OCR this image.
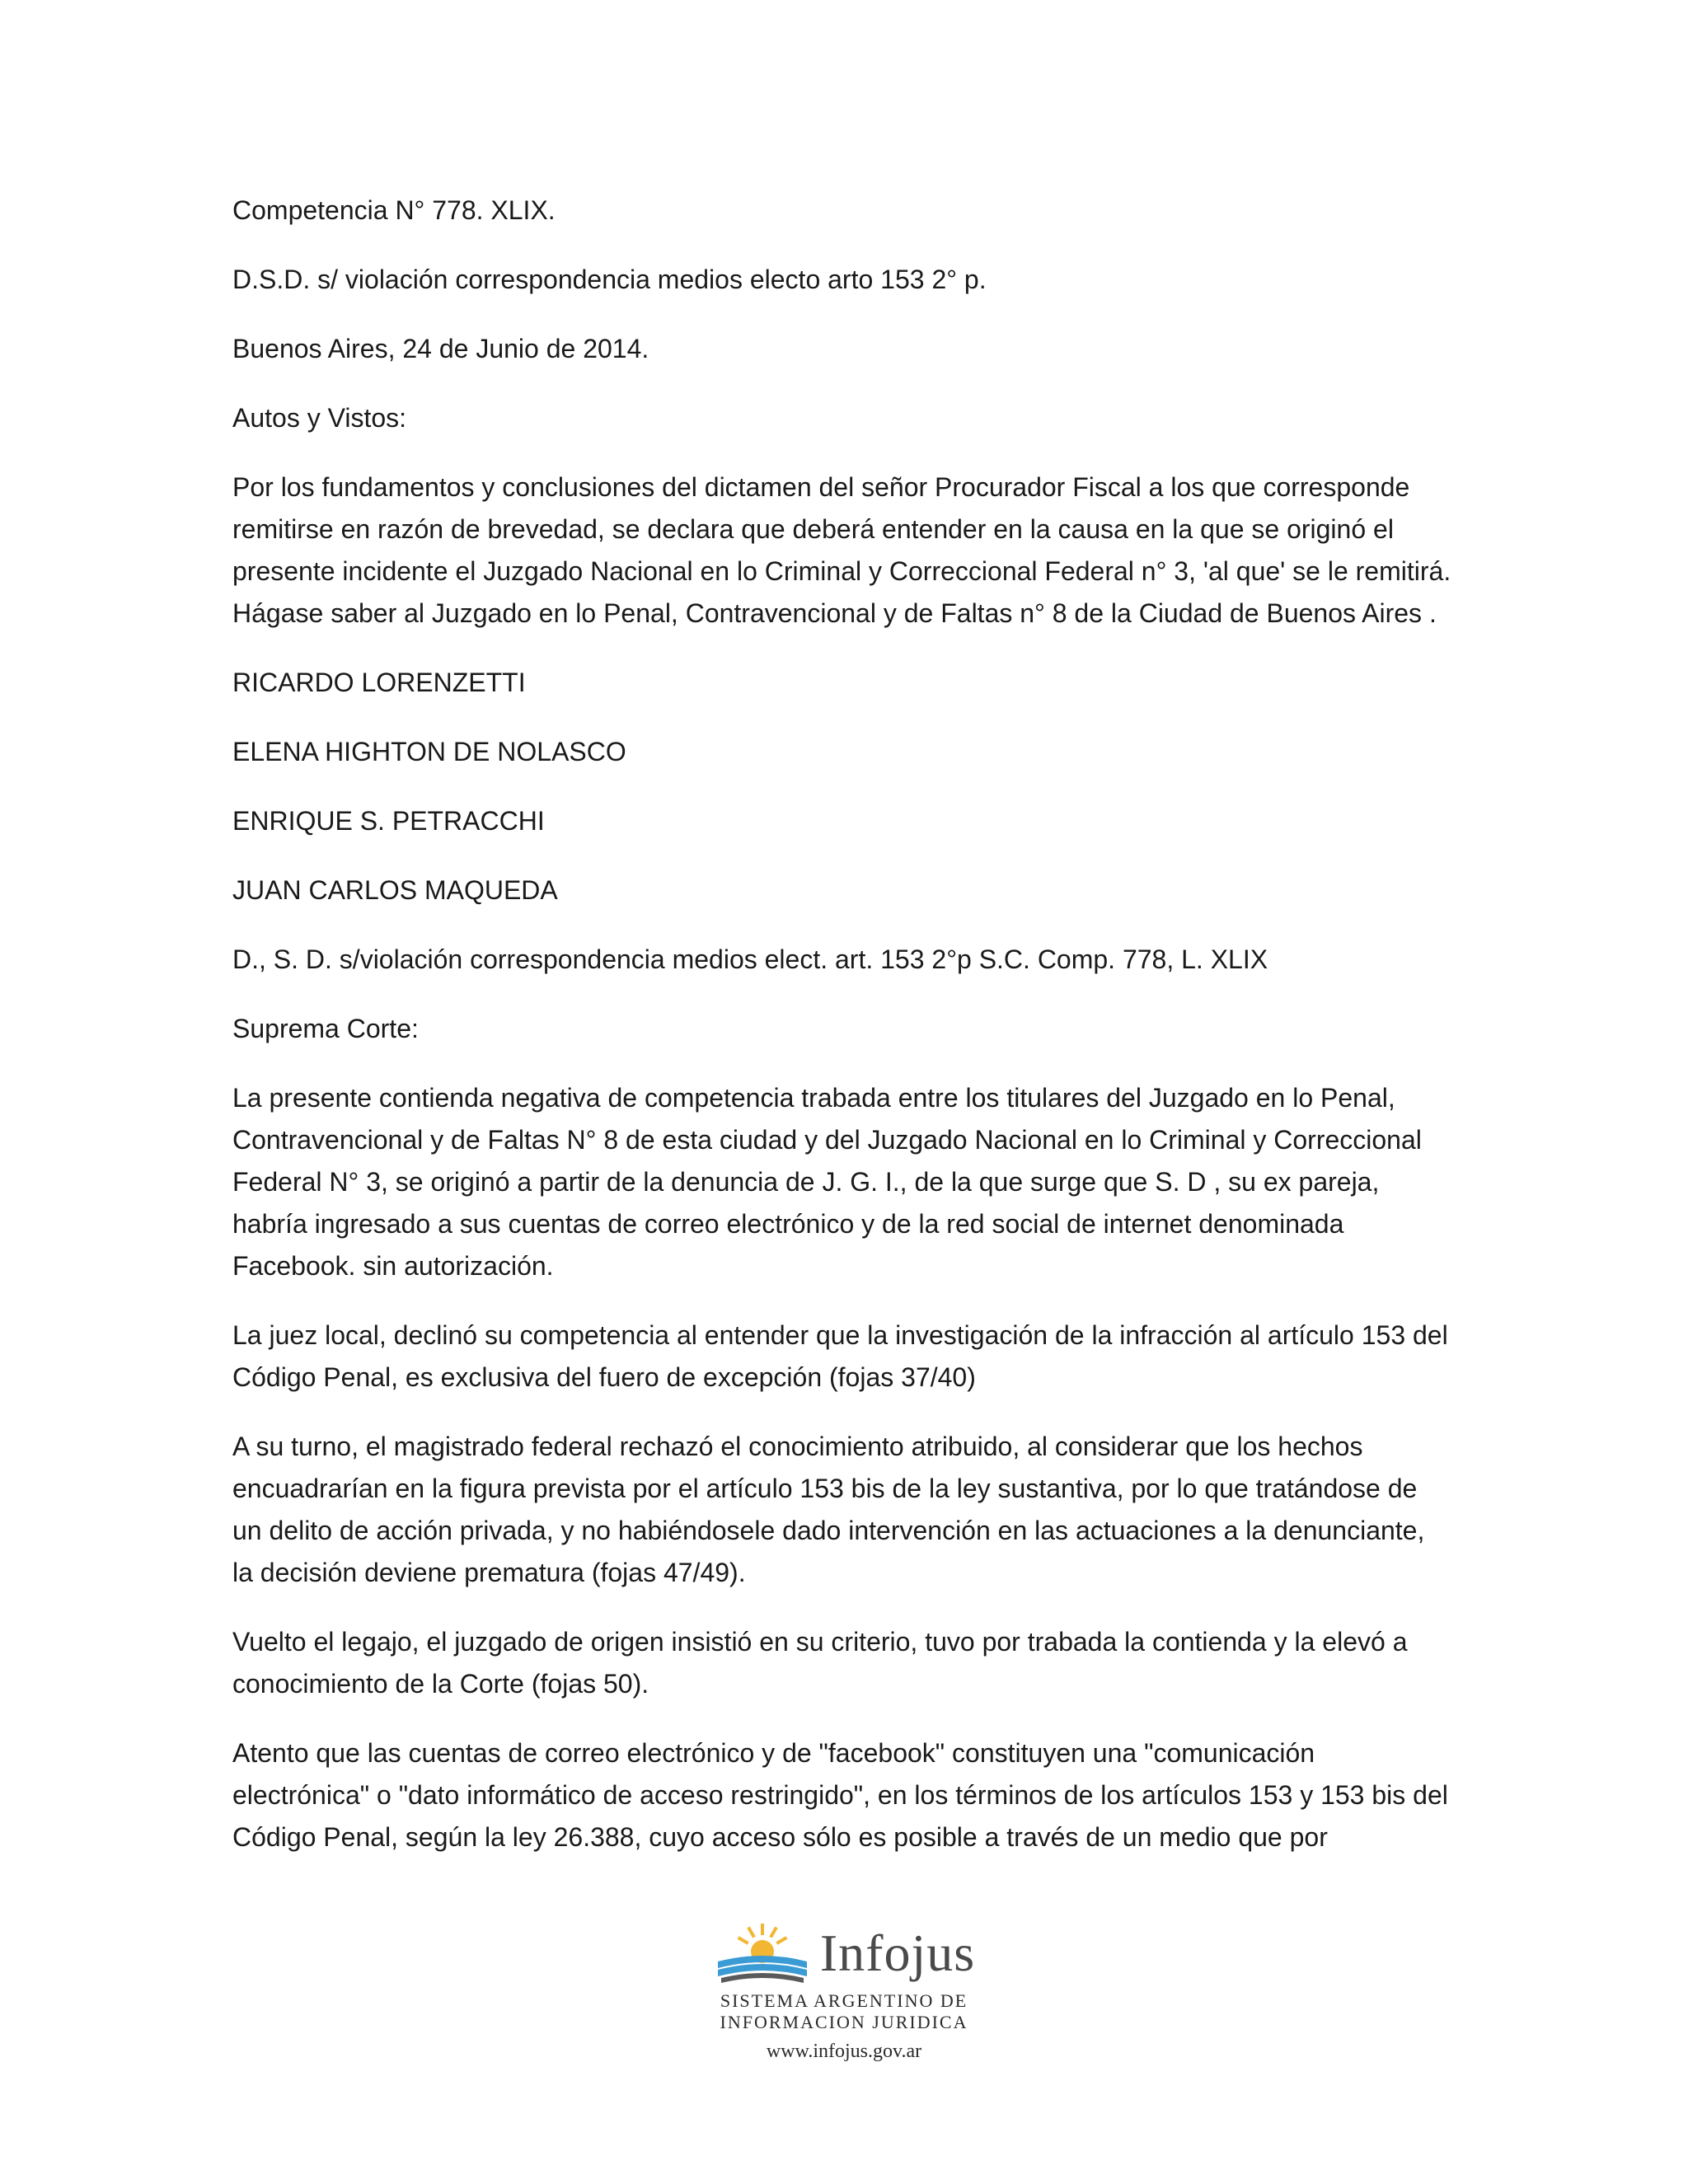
Competencia N° 778. XLIX.

D.S.D. s/ violación correspondencia medios electo arto 153 2° p.

Buenos Aires, 24 de Junio de 2014.

Autos y Vistos:

Por los fundamentos y conclusiones del dictamen del señor Procurador Fiscal a los que corresponde remitirse en razón de brevedad, se declara que deberá entender en la causa en la que se originó el presente incidente el Juzgado Nacional en lo Criminal y Correccional Federal n° 3, 'al que' se le remitirá. Hágase saber al Juzgado en lo Penal, Contravencional y de Faltas n° 8 de la Ciudad de Buenos Aires .

RICARDO LORENZETTI

ELENA HIGHTON DE NOLASCO

ENRIQUE S. PETRACCHI

JUAN CARLOS MAQUEDA

D., S. D. s/violación correspondencia medios elect. art. 153 2°p S.C. Comp. 778, L. XLIX

Suprema Corte:

La presente contienda negativa de competencia trabada entre los titulares del Juzgado en lo Penal, Contravencional y de Faltas N° 8 de esta ciudad y del Juzgado Nacional en lo Criminal y Correccional Federal N° 3, se originó a partir de la denuncia de J. G. I., de la que surge que S. D , su ex pareja, habría ingresado a sus cuentas de correo electrónico y de la red social de internet denominada Facebook. sin autorización.

La juez local, declinó su competencia al entender que la investigación de la infracción al artículo 153 del Código Penal, es exclusiva del fuero de excepción (fojas 37/40)

A su turno, el magistrado federal rechazó el conocimiento atribuido, al considerar que los hechos encuadrarían en la figura prevista por el artículo 153 bis de la ley sustantiva, por lo que tratándose de un delito de acción privada, y no habiéndosele dado intervención en las actuaciones a la denunciante, la decisión deviene prematura (fojas 47/49).

Vuelto el legajo, el juzgado de origen insistió en su criterio, tuvo por trabada la contienda y la elevó a conocimiento de la Corte (fojas 50).

Atento que las cuentas de correo electrónico y de "facebook" constituyen una "comunicación electrónica" o "dato informático de acceso restringido", en los términos de los artículos 153 y 153 bis del Código Penal, según la ley 26.388, cuyo acceso sólo es posible a través de un medio que por

Infojus
SISTEMA ARGENTINO DE
INFORMACION JURIDICA
www.infojus.gov.ar
